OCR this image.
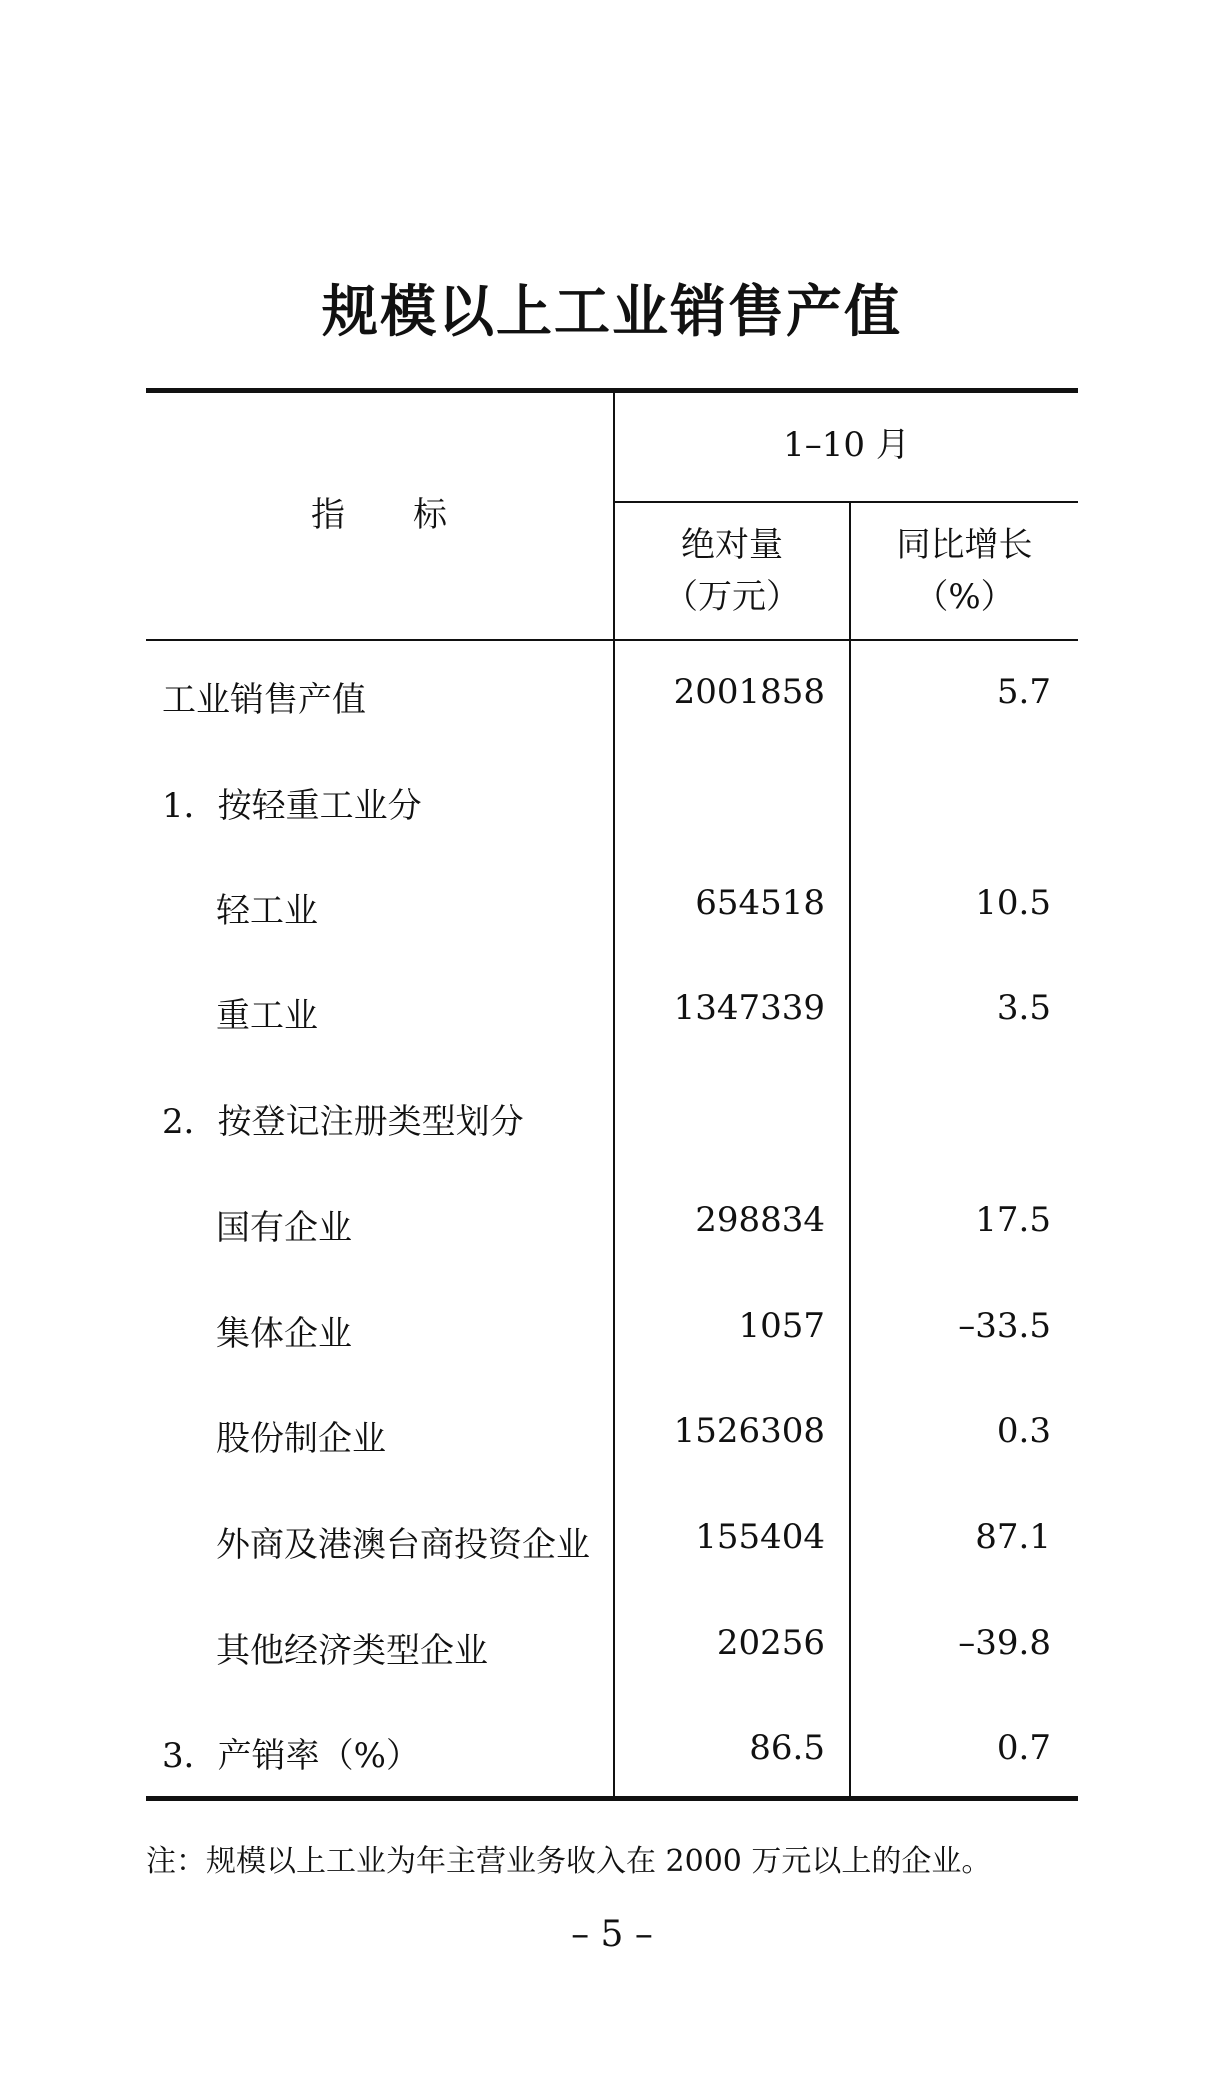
规模以上工业销售产值
指　　标
1–10 月
绝对量
（万元）
同比增长
（%）
工业销售产值	2001858	5.7
1．按轻重工业分
轻工业	654518	10.5
重工业	1347339	3.5
2．按登记注册类型划分
国有企业	298834	17.5
集体企业	1057	–33.5
股份制企业	1526308	0.3
外商及港澳台商投资企业	155404	87.1
其他经济类型企业	20256	–39.8
3．产销率（%）	86.5	0.7
注：规模以上工业为年主营业务收入在 2000 万元以上的企业。
– 5 –
